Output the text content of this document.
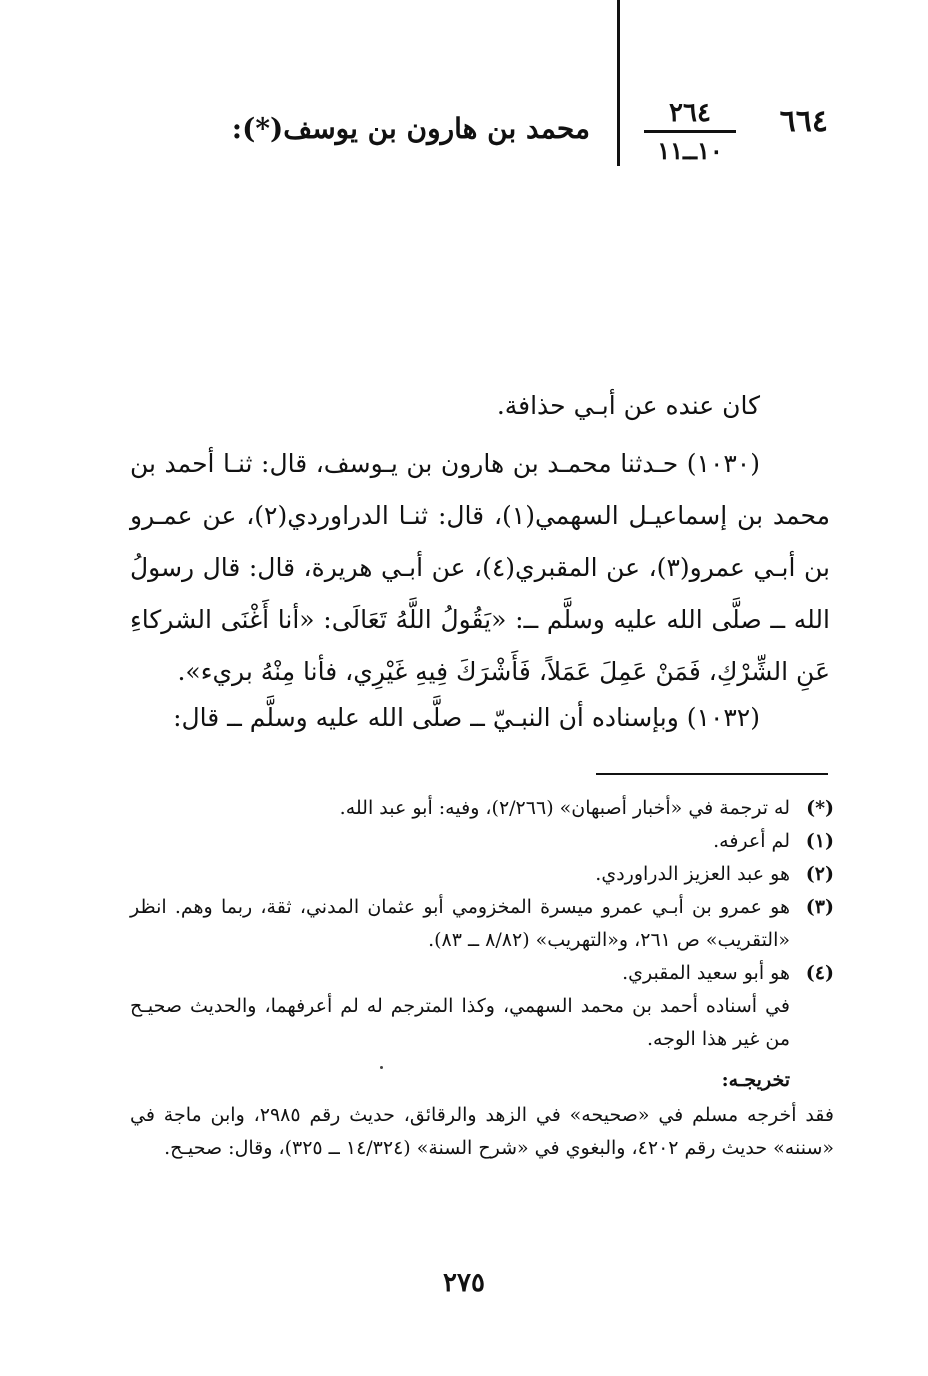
٦٦٤
٢٦٤
١٠ــ١١
محمد بن هارون بن يوسف(*):
كان عنده عن أبـي حذافة.
(١٠٣٠) حـدثنا محمـد بن هارون بن يـوسف، قال: ثنـا أحمد بن محمد بن إسماعيـل السهمي(١)، قال: ثنـا الدراوردي(٢)، عن عمـرو بن أبـي عمرو(٣)، عن المقبري(٤)، عن أبـي هريرة، قال: قال رسولُ الله ــ صلَّى الله عليه وسلَّم ــ: «يَقُولُ اللَّهُ تَعَالَى: «أنا أَغْنَى الشركاءِ عَنِ الشِّرْكِ، فَمَنْ عَمِلَ عَمَلاً، فَأَشْرَكَ فِيهِ غَيْرِي، فأنا مِنْهُ بريء».
(١٠٣٢) وبإسناده أن النبـيّ ــ صلَّى الله عليه وسلَّم ــ قال:
(*)
له ترجمة في «أخبار أصبهان» (٢/٢٦٦)، وفيه: أبو عبد الله.
(١)
لم أعرفه.
(٢)
هو عبد العزيز الدراوردي.
(٣)
هو عمرو بن أبـي عمرو ميسرة المخزومي أبو عثمان المدني، ثقة، ربما وهم. انظر «التقريب» ص ٢٦١، و«التهريب» (٨/٨٢ ــ ٨٣).
(٤)
هو أبو سعيد المقبري.
في أسناده أحمد بن محمد السهمي، وكذا المترجم له لم أعرفهما، والحديث صحيـح من غير هذا الوجه.
تخريجـه:
فقد أخرجه مسلم في «صحيحه» في الزهد والرقائق، حديث رقم ٢٩٨٥، وابن ماجة في «سننه» حديث رقم ٤٢٠٢، والبغوي في «شرح السنة» (١٤/٣٢٤ ــ ٣٢٥)، وقال: صحيـح.
٢٧٥
